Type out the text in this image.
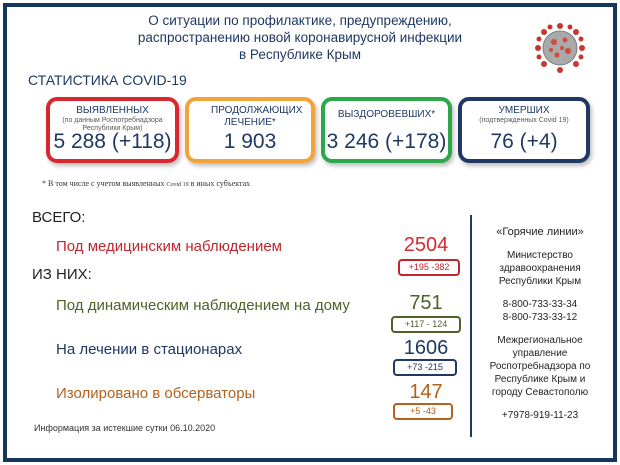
О ситуации по профилактике, предупреждению,
распространению новой коронавирусной инфекции
в Республике Крым
СТАТИСТИКА COVID-19
ВЫЯВЛЕННЫХ
(по данным Роспотребнадзора Республики Крым)
5 288 (+118)
ПРОДОЛЖАЮЩИХ ЛЕЧЕНИЕ*
1 903
ВЫЗДОРОВЕВШИХ*
3 246 (+178)
УМЕРШИХ
(подтвержденных Covid 19)
76 (+4)
* В том числе с учетом выявленных Covid 19 в иных субъектах
ВСЕГО:
ИЗ НИХ:
Под медицинским наблюдением	2504
+195 -382
Под динамическим наблюдением на дому	751
+117 - 124
На лечении в стационарах	1606
+73 -215
Изолировано в обсерваторы	147
+5 -43
«Горячие линии»
Министерство
здравоохранения
Республики Крым
8-800-733-33-34
8-800-733-33-12
Межрегиональное
управление
Роспотребнадзора по
Республике Крым и
городу Севастополю
+7978-919-11-23
Информация за истекшие сутки 06.10.2020
